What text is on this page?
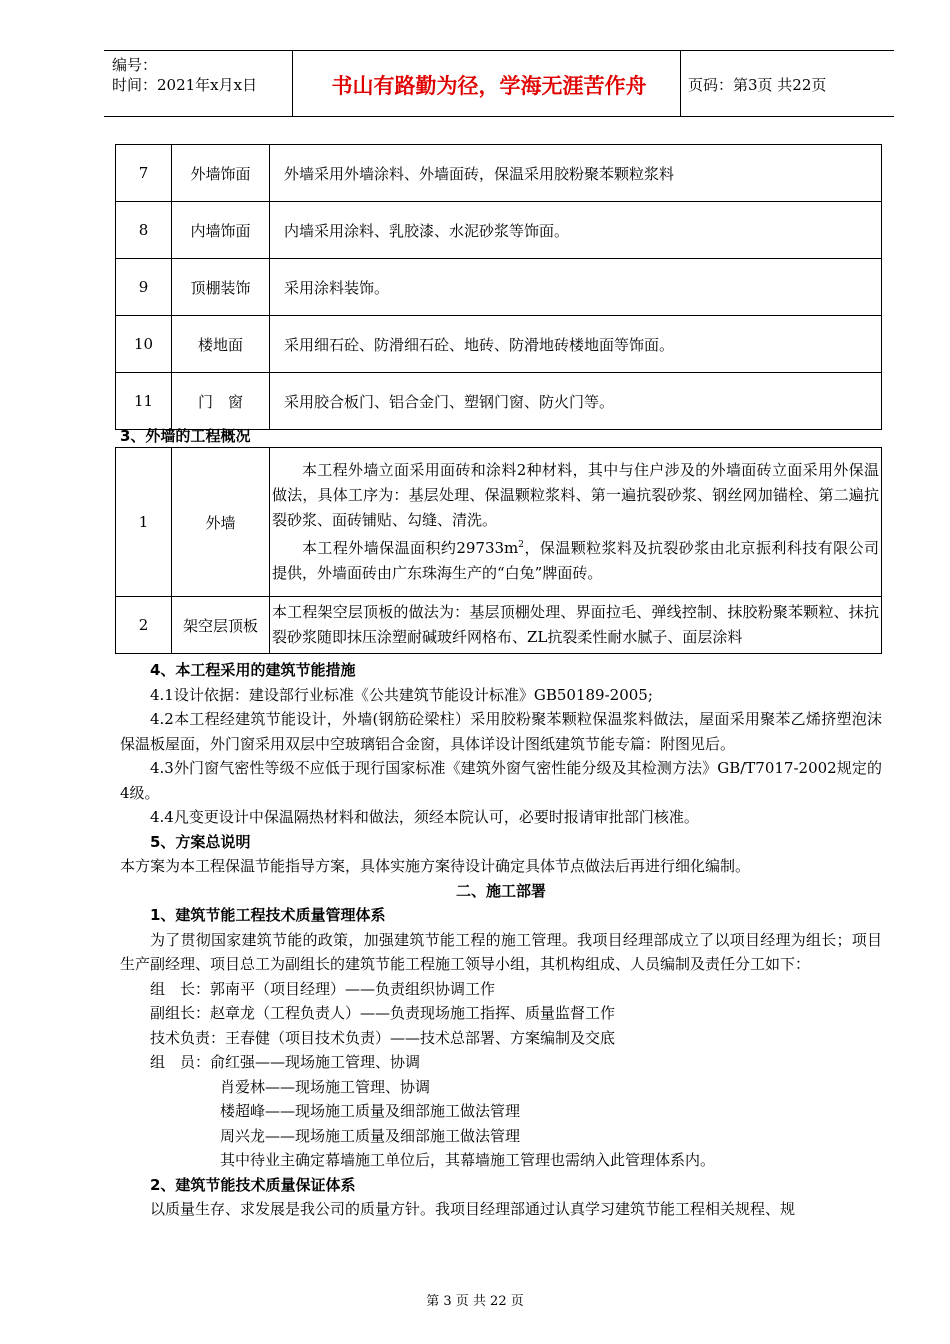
编号：
时间：2021年x月x日	书山有路勤为径，学海无涯苦作舟	页码：第3页 共22页
7	外墙饰面	外墙采用外墙涂料、外墙面砖，保温采用胶粉聚苯颗粒浆料
8	内墙饰面	内墙采用涂料、乳胶漆、水泥砂浆等饰面。
9	顶棚装饰	采用涂料装饰。
10	楼地面	采用细石砼、防滑细石砼、地砖、防滑地砖楼地面等饰面。
11	门　窗	采用胶合板门、铝合金门、塑钢门窗、防火门等。

3、外墙的工程概况

1	外墙	本工程外墙立面采用面砖和涂料2种材料，其中与住户涉及的外墙面砖立面采用外保温做法，具体工序为：基层处理、保温颗粒浆料、第一遍抗裂砂浆、钢丝网加锚栓、第二遍抗裂砂浆、面砖铺贴、勾缝、清洗。

本工程外墙保温面积约$29733m^2$，保温颗粒浆料及抗裂砂浆由北京振利科技有限公司提供，外墙面砖由广东珠海生产的“白兔”牌面砖。

2	架空层顶板	本工程架空层顶板的做法为：基层顶棚处理、界面拉毛、弹线控制、抹胶粉聚苯颗粒、抹抗裂砂浆随即抹压涂塑耐碱玻纤网格布、ZL抗裂柔性耐水腻子、面层涂料

4、本工程采用的建筑节能措施

4.1设计依据：建设部行业标准《公共建筑节能设计标准》GB50189-2005;

4.2本工程经建筑节能设计，外墙(钢筋砼梁柱）采用胶粉聚苯颗粒保温浆料做法，屋面采用聚苯乙烯挤塑泡沫保温板屋面，外门窗采用双层中空玻璃铝合金窗，具体详设计图纸建筑节能专篇：附图见后。

4.3外门窗气密性等级不应低于现行国家标准《建筑外窗气密性能分级及其检测方法》GB/T7017-2002规定的4级。

4.4凡变更设计中保温隔热材料和做法，须经本院认可，必要时报请审批部门核准。

5、方案总说明

本方案为本工程保温节能指导方案，具体实施方案待设计确定具体节点做法后再进行细化编制。

二、施工部署

1、建筑节能工程技术质量管理体系

为了贯彻国家建筑节能的政策，加强建筑节能工程的施工管理。我项目经理部成立了以项目经理为组长；项目生产副经理、项目总工为副组长的建筑节能工程施工领导小组，其机构组成、人员编制及责任分工如下：

组　长：郭南平（项目经理）——负责组织协调工作

副组长：赵章龙（工程负责人）——负责现场施工指挥、质量监督工作

技术负责：王春健（项目技术负责）——技术总部署、方案编制及交底

组　员：俞红强——现场施工管理、协调

肖爱林——现场施工管理、协调

楼超峰——现场施工质量及细部施工做法管理

周兴龙——现场施工质量及细部施工做法管理

其中待业主确定幕墙施工单位后，其幕墙施工管理也需纳入此管理体系内。

2、建筑节能技术质量保证体系

以质量生存、求发展是我公司的质量方针。我项目经理部通过认真学习建筑节能工程相关规程、规

第 3 页 共 22 页
